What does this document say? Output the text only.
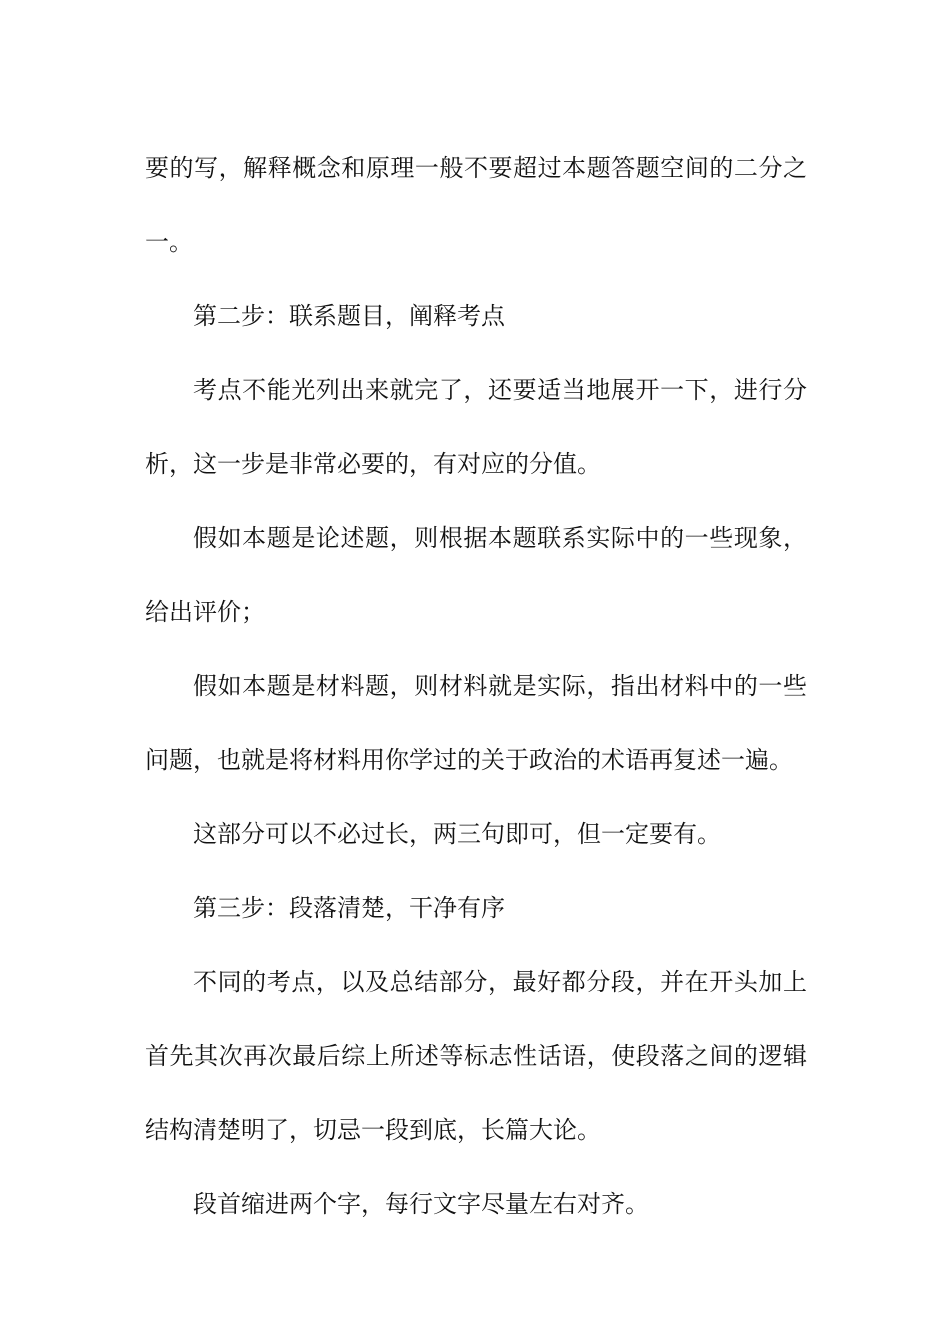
要的写，解释概念和原理一般不要超过本题答题空间的二分之一。

第二步：联系题目，阐释考点

考点不能光列出来就完了，还要适当地展开一下，进行分析，这一步是非常必要的，有对应的分值。

假如本题是论述题，则根据本题联系实际中的一些现象，给出评价；

假如本题是材料题，则材料就是实际，指出材料中的一些问题，也就是将材料用你学过的关于政治的术语再复述一遍。

这部分可以不必过长，两三句即可，但一定要有。

第三步：段落清楚，干净有序

不同的考点，以及总结部分，最好都分段，并在开头加上首先其次再次最后综上所述等标志性话语，使段落之间的逻辑结构清楚明了，切忌一段到底，长篇大论。

段首缩进两个字，每行文字尽量左右对齐。
